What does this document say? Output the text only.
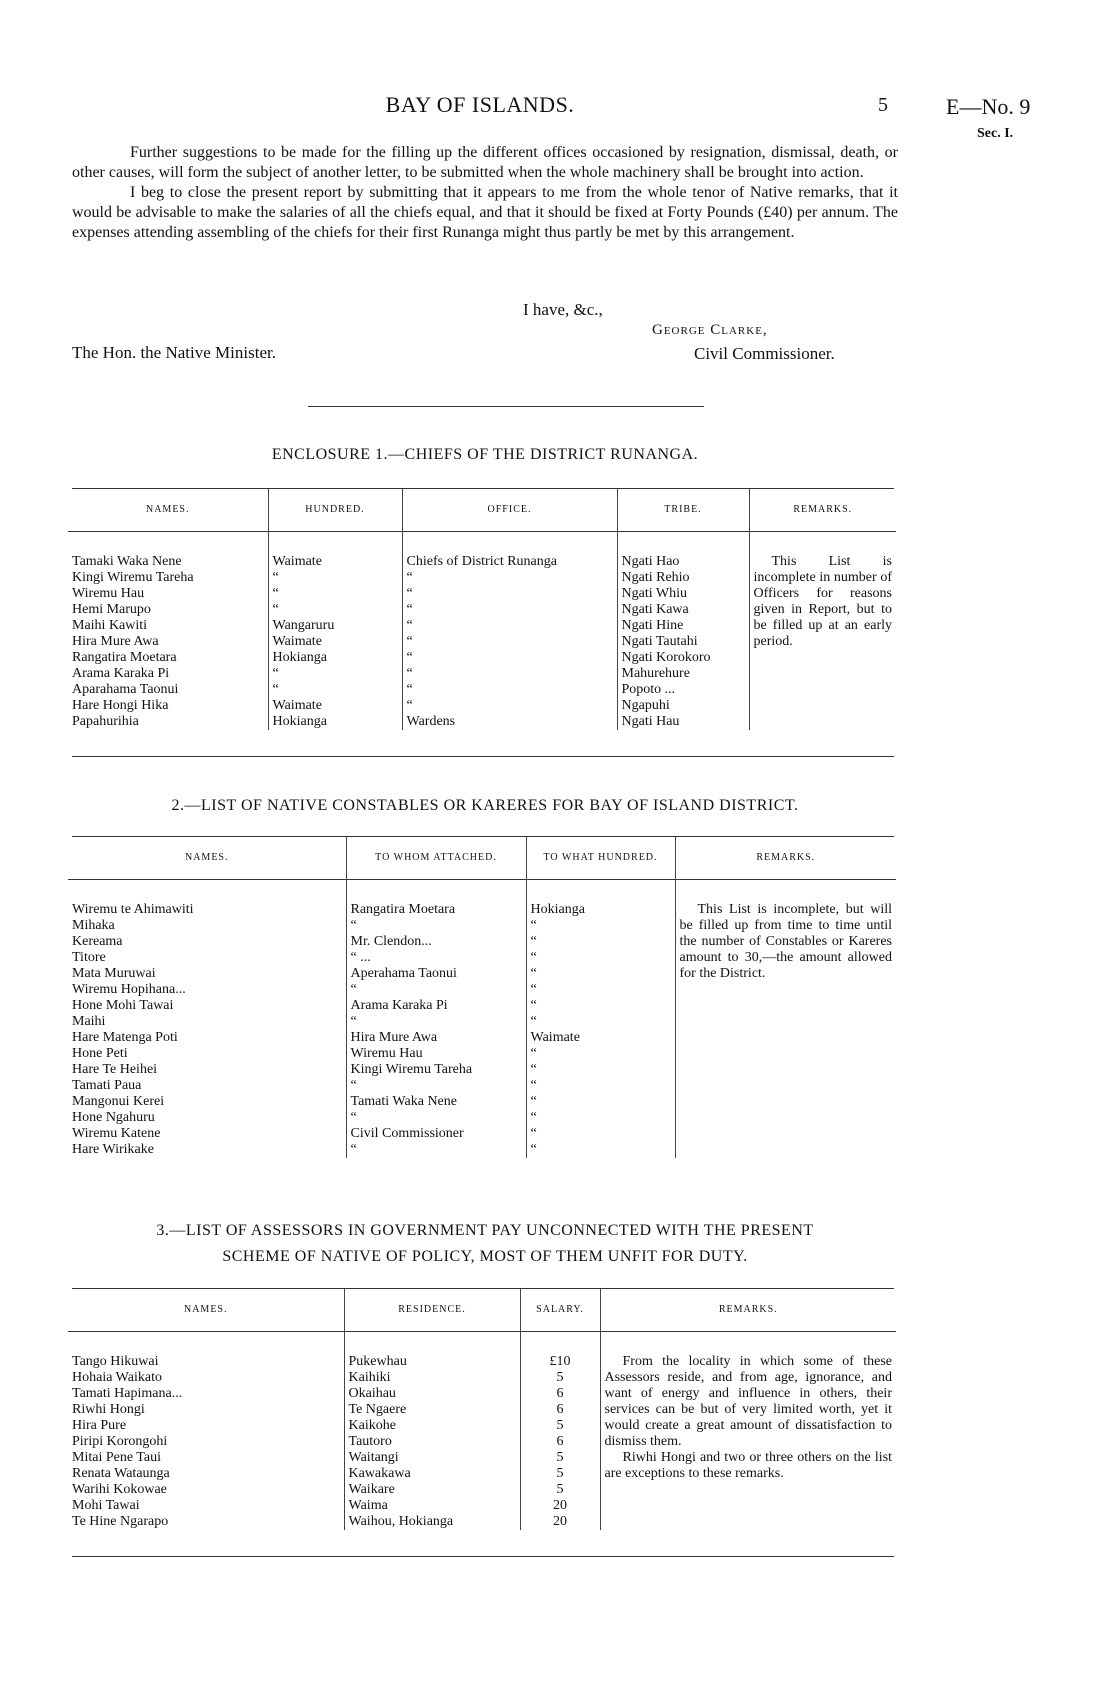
BAY OF ISLANDS.	5	E—No. 9
Sec. I.

Further suggestions to be made for the filling up the different offices occasioned by resignation, dismissal, death, or other causes, will form the subject of another letter, to be submitted when the whole machinery shall be brought into action.

I beg to close the present report by submitting that it appears to me from the whole tenor of Native remarks, that it would be advisable to make the salaries of all the chiefs equal, and that it should be fixed at Forty Pounds (£40) per annum. The expenses attending assembling of the chiefs for their first Runanga might thus partly be met by this arrangement.

I have, &c.,
George Clarke,
Civil Commissioner.
The Hon. the Native Minister.
ENCLOSURE 1.—CHIEFS OF THE DISTRICT RUNANGA.
NAMES.	HUNDRED.	OFFICE.	TRIBE.	REMARKS.
Tamaki Waka Nene	Waimate	Chiefs of District Runanga	Ngati Hao	This List is incomplete in number of Officers for reasons given in Report, but to be filled up at an early period.

Kingi Wiremu Tareha	“	“	Ngati Rehio	
Wiremu Hau	“	“	Ngati Whiu	
Hemi Marupo	“	“	Ngati Kawa	
Maihi Kawiti	Wangaruru	“	Ngati Hine	
Hira Mure Awa	Waimate	“	Ngati Tautahi	
Rangatira Moetara	Hokianga	“	Ngati Korokoro	
Arama Karaka Pi	“	“	Mahurehure	
Aparahama Taonui	“	“	Popoto ...	
Hare Hongi Hika	Waimate	“	Ngapuhi	
Papahurihia	Hokianga	Wardens	Ngati Hau	
2.—LIST OF NATIVE CONSTABLES OR KARERES FOR BAY OF ISLAND DISTRICT.
NAMES.	TO WHOM ATTACHED.	TO WHAT HUNDRED.	REMARKS.
Wiremu te Ahimawiti	Rangatira Moetara	Hokianga	This List is incomplete, but will be filled up from time to time until the number of Constables or Kareres amount to 30,—the amount allowed for the District.

Mihaka	“	“	
Kereama	Mr. Clendon...	“	
Titore	“ ...	“	
Mata Muruwai	Aperahama Taonui	“	
Wiremu Hopihana...	“	“	
Hone Mohi Tawai	Arama Karaka Pi	“	
Maihi	“	“	
Hare Matenga Poti	Hira Mure Awa	Waimate	
Hone Peti	Wiremu Hau	“	
Hare Te Heihei	Kingi Wiremu Tareha	“	
Tamati Paua	“	“	
Mangonui Kerei	Tamati Waka Nene	“	
Hone Ngahuru	“	“	
Wiremu Katene	Civil Commissioner	“	
Hare Wirikake	“	“	
3.—LIST OF ASSESSORS IN GOVERNMENT PAY UNCONNECTED WITH THE PRESENT
SCHEME OF NATIVE OF POLICY, MOST OF THEM UNFIT FOR DUTY.
NAMES.	RESIDENCE.	SALARY.	REMARKS.
Tango Hikuwai	Pukewhau	£10	From the locality in which some of these Assessors reside, and from age, ignorance, and want of energy and influence in others, their services can be but of very limited worth, yet it would create a great amount of dissatisfaction to dismiss them.

Riwhi Hongi and two or three others on the list are exceptions to these remarks.

Hohaia Waikato	Kaihiki	5	
Tamati Hapimana...	Okaihau	6	
Riwhi Hongi	Te Ngaere	6	
Hira Pure	Kaikohe	5	
Piripi Korongohi	Tautoro	6	
Mitai Pene Taui	Waitangi	5	
Renata Wataunga	Kawakawa	5	
Warihi Kokowae	Waikare	5	
Mohi Tawai	Waima	20	
Te Hine Ngarapo	Waihou, Hokianga	20	
